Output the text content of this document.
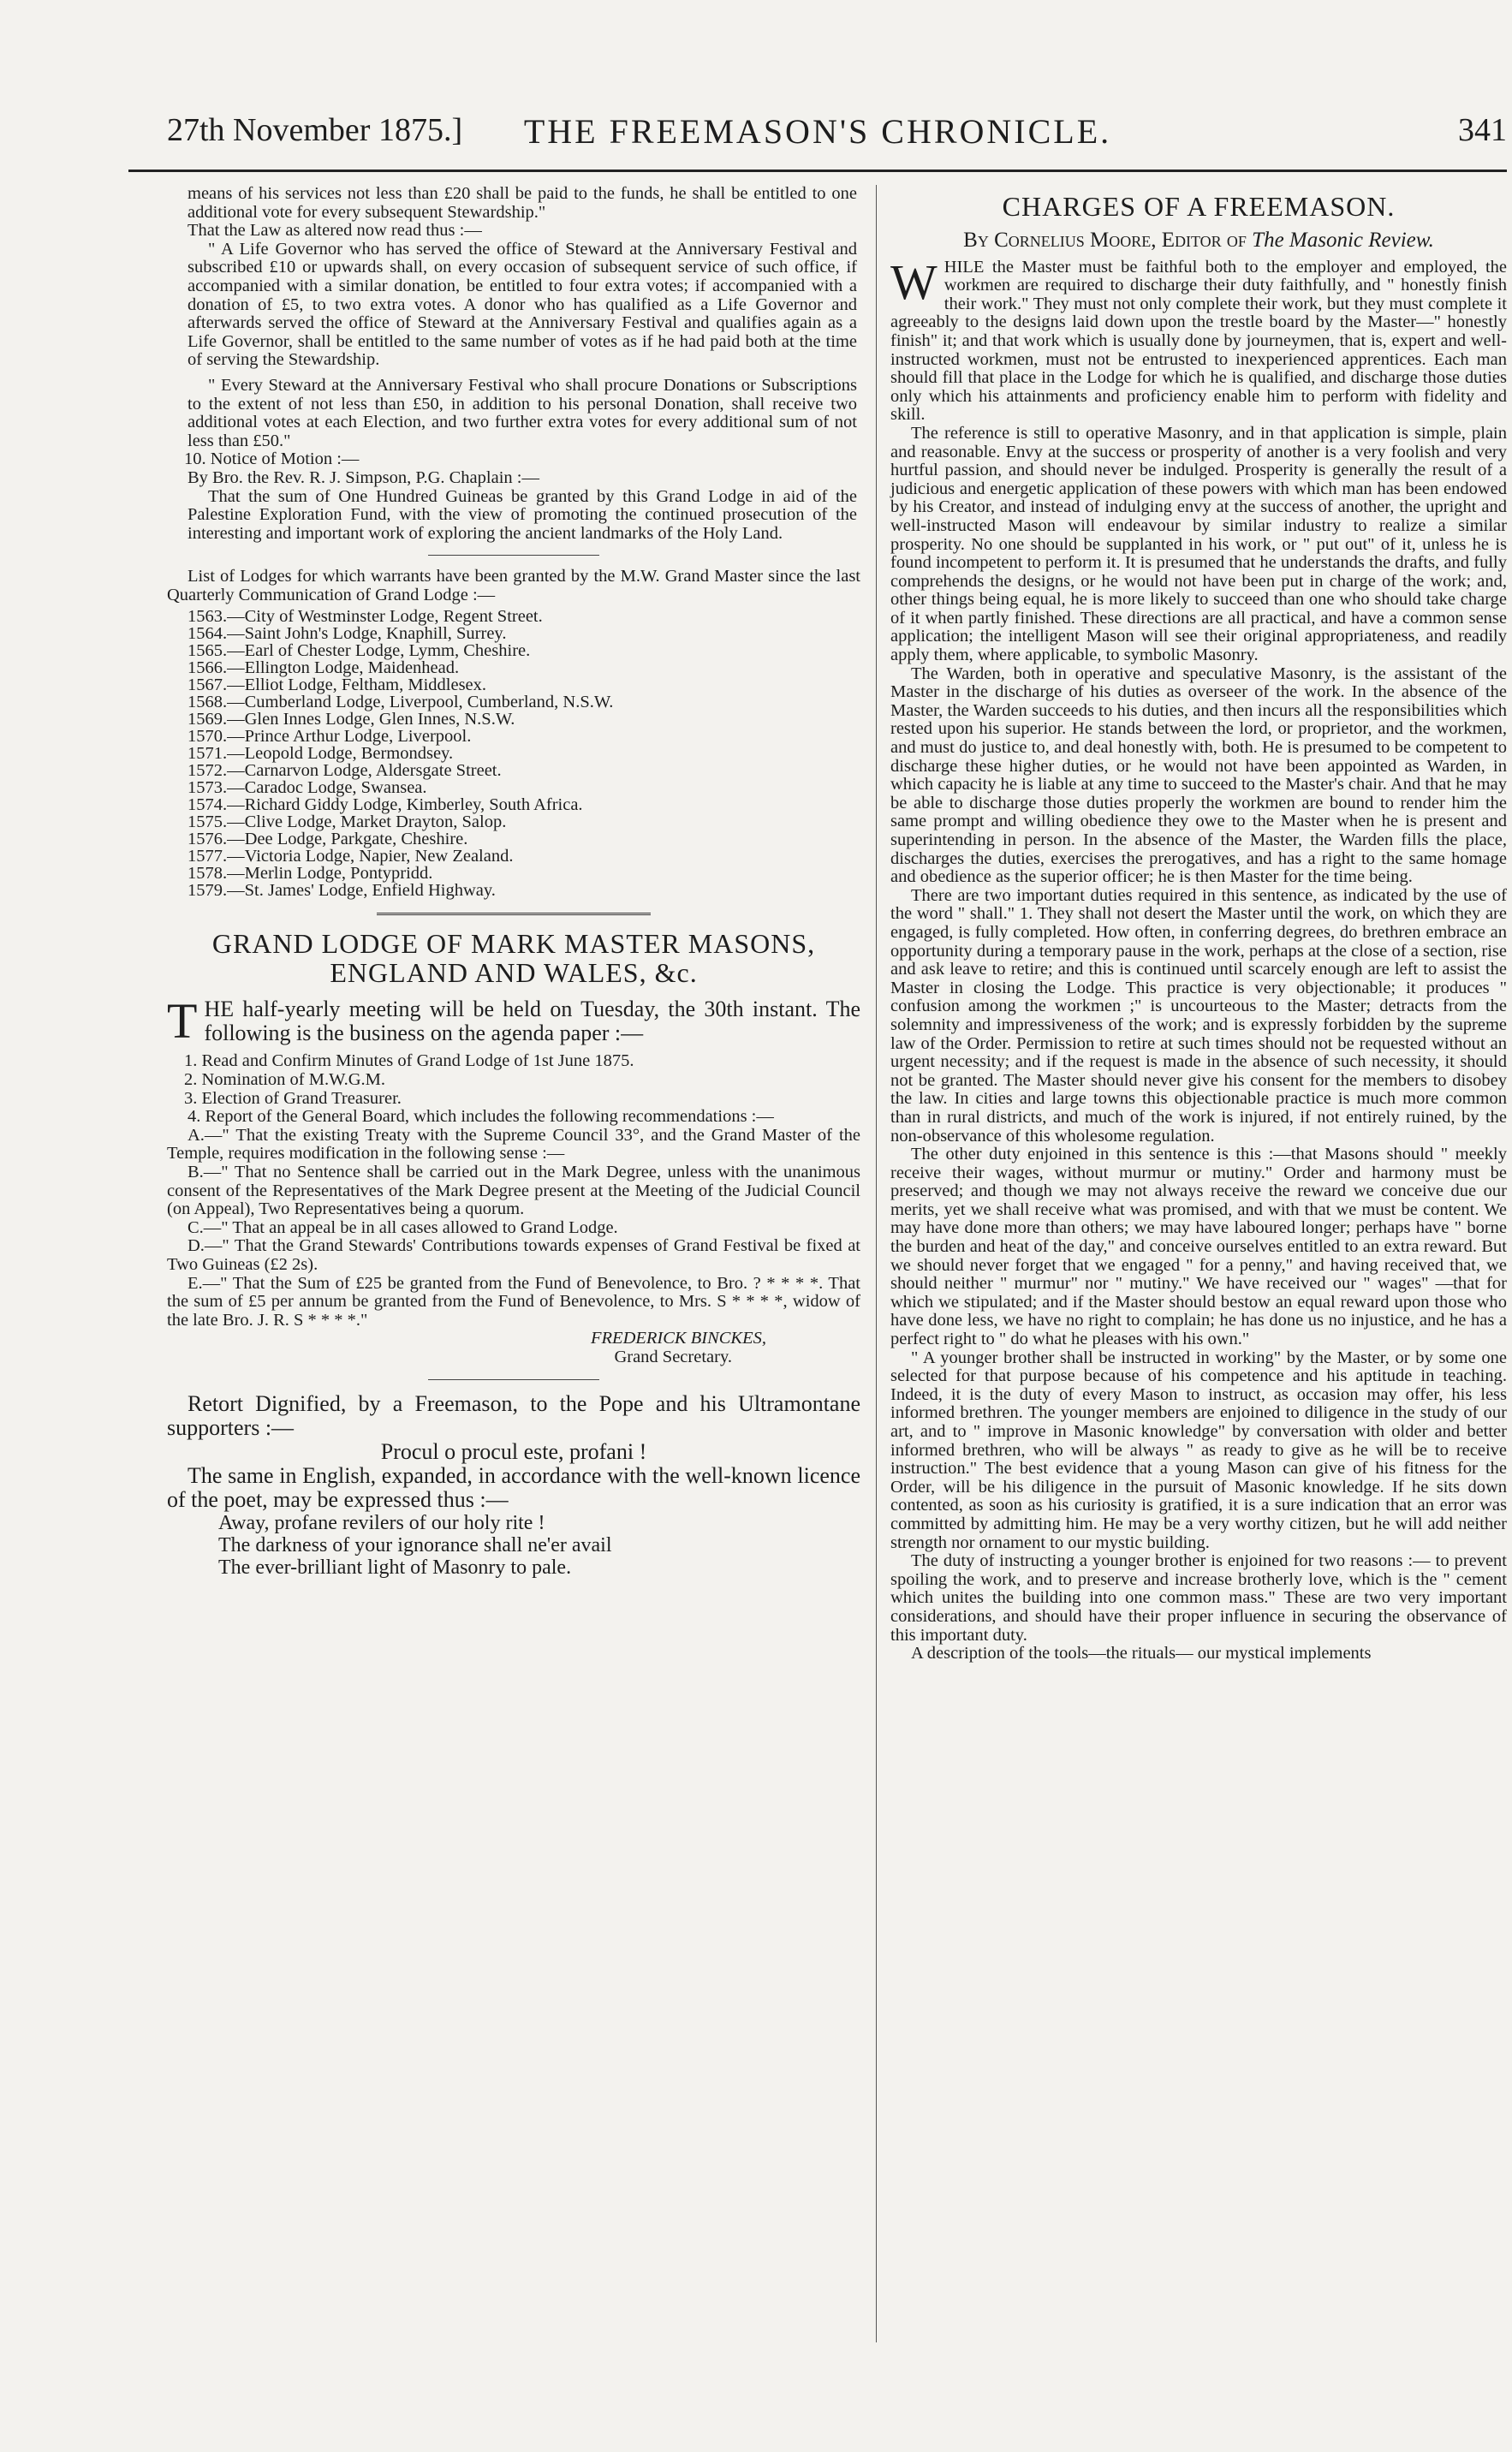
27th November 1875.]	THE FREEMASON'S CHRONICLE.	341

means of his services not less than £20 shall be paid to the funds, he shall be entitled to one additional vote for every subsequent Stewardship."

That the Law as altered now read thus :—

" A Life Governor who has served the office of Steward at the Anniversary Festival and subscribed £10 or upwards shall, on every occasion of subsequent service of such office, if accompanied with a similar donation, be entitled to four extra votes; if accompanied with a donation of £5, to two extra votes. A donor who has qualified as a Life Governor and afterwards served the office of Steward at the Anniversary Festival and qualifies again as a Life Governor, shall be entitled to the same number of votes as if he had paid both at the time of serving the Stewardship.

" Every Steward at the Anniversary Festival who shall procure Donations or Subscriptions to the extent of not less than £50, in addition to his personal Donation, shall receive two additional votes at each Election, and two further extra votes for every additional sum of not less than £50."

10. Notice of Motion :—

By Bro. the Rev. R. J. Simpson, P.G. Chaplain :—

That the sum of One Hundred Guineas be granted by this Grand Lodge in aid of the Palestine Exploration Fund, with the view of promoting the continued prosecution of the interesting and important work of exploring the ancient landmarks of the Holy Land.

List of Lodges for which warrants have been granted by the M.W. Grand Master since the last Quarterly Communication of Grand Lodge :—

1563.—City of Westminster Lodge, Regent Street.
1564.—Saint John's Lodge, Knaphill, Surrey.
1565.—Earl of Chester Lodge, Lymm, Cheshire.
1566.—Ellington Lodge, Maidenhead.
1567.—Elliot Lodge, Feltham, Middlesex.
1568.—Cumberland Lodge, Liverpool, Cumberland, N.S.W.
1569.—Glen Innes Lodge, Glen Innes, N.S.W.
1570.—Prince Arthur Lodge, Liverpool.
1571.—Leopold Lodge, Bermondsey.
1572.—Carnarvon Lodge, Aldersgate Street.
1573.—Caradoc Lodge, Swansea.
1574.—Richard Giddy Lodge, Kimberley, South Africa.
1575.—Clive Lodge, Market Drayton, Salop.
1576.—Dee Lodge, Parkgate, Cheshire.
1577.—Victoria Lodge, Napier, New Zealand.
1578.—Merlin Lodge, Pontypridd.
1579.—St. James' Lodge, Enfield Highway.
GRAND LODGE OF MARK MASTER MASONS, ENGLAND AND WALES, &c.

T HE half-yearly meeting will be held on Tuesday, the 30th instant. The following is the business on the agenda paper :—

1. Read and Confirm Minutes of Grand Lodge of 1st June 1875.

2. Nomination of M.W.G.M.

3. Election of Grand Treasurer.

4. Report of the General Board, which includes the following recommendations :—

A.—" That the existing Treaty with the Supreme Council 33°, and the Grand Master of the Temple, requires modification in the following sense :—

B.—" That no Sentence shall be carried out in the Mark Degree, unless with the unanimous consent of the Representatives of the Mark Degree present at the Meeting of the Judicial Council (on Appeal), Two Representatives being a quorum.

C.—" That an appeal be in all cases allowed to Grand Lodge.

D.—" That the Grand Stewards' Contributions towards expenses of Grand Festival be fixed at Two Guineas (£2 2s).

E.—" That the Sum of £25 be granted from the Fund of Benevolence, to Bro. ? * * * *. That the sum of £5 per annum be granted from the Fund of Benevolence, to Mrs. S * * * *, widow of the late Bro. J. R. S * * * *."

FREDERICK BINCKES,

Grand Secretary.

Retort Dignified, by a Freemason, to the Pope and his Ultramontane supporters :—

Procul o procul este, profani !

The same in English, expanded, in accordance with the well-known licence of the poet, may be expressed thus :—

Away, profane revilers of our holy rite !

The darkness of your ignorance shall ne'er avail

The ever-brilliant light of Masonry to pale.

CHARGES OF A FREEMASON.
By Cornelius Moore, Editor of The Masonic Review.

W HILE the Master must be faithful both to the employer and employed, the workmen are required to discharge their duty faithfully, and " honestly finish their work." They must not only complete their work, but they must complete it agreeably to the designs laid down upon the trestle board by the Master—" honestly finish" it; and that work which is usually done by journeymen, that is, expert and well-instructed workmen, must not be entrusted to inexperienced apprentices. Each man should fill that place in the Lodge for which he is qualified, and discharge those duties only which his attainments and proficiency enable him to perform with fidelity and skill.

The reference is still to operative Masonry, and in that application is simple, plain and reasonable. Envy at the success or prosperity of another is a very foolish and very hurtful passion, and should never be indulged. Prosperity is generally the result of a judicious and energetic application of these powers with which man has been endowed by his Creator, and instead of indulging envy at the success of another, the upright and well-instructed Mason will endeavour by similar industry to realize a similar prosperity. No one should be supplanted in his work, or " put out" of it, unless he is found incompetent to perform it. It is presumed that he understands the drafts, and fully comprehends the designs, or he would not have been put in charge of the work; and, other things being equal, he is more likely to succeed than one who should take charge of it when partly finished. These directions are all practical, and have a common sense application; the intelligent Mason will see their original appropriateness, and readily apply them, where applicable, to symbolic Masonry.

The Warden, both in operative and speculative Masonry, is the assistant of the Master in the discharge of his duties as overseer of the work. In the absence of the Master, the Warden succeeds to his duties, and then incurs all the responsibilities which rested upon his superior. He stands between the lord, or proprietor, and the workmen, and must do justice to, and deal honestly with, both. He is presumed to be competent to discharge these higher duties, or he would not have been appointed as Warden, in which capacity he is liable at any time to succeed to the Master's chair. And that he may be able to discharge those duties properly the workmen are bound to render him the same prompt and willing obedience they owe to the Master when he is present and superintending in person. In the absence of the Master, the Warden fills the place, discharges the duties, exercises the prerogatives, and has a right to the same homage and obedience as the superior officer; he is then Master for the time being.

There are two important duties required in this sentence, as indicated by the use of the word " shall." 1. They shall not desert the Master until the work, on which they are engaged, is fully completed. How often, in conferring degrees, do brethren embrace an opportunity during a temporary pause in the work, perhaps at the close of a section, rise and ask leave to retire; and this is continued until scarcely enough are left to assist the Master in closing the Lodge. This practice is very objectionable; it produces " confusion among the workmen ;" is uncourteous to the Master; detracts from the solemnity and impressiveness of the work; and is expressly forbidden by the supreme law of the Order. Permission to retire at such times should not be requested without an urgent necessity; and if the request is made in the absence of such necessity, it should not be granted. The Master should never give his consent for the members to disobey the law. In cities and large towns this objectionable practice is much more common than in rural districts, and much of the work is injured, if not entirely ruined, by the non-observance of this wholesome regulation.

The other duty enjoined in this sentence is this :—that Masons should " meekly receive their wages, without murmur or mutiny." Order and harmony must be preserved; and though we may not always receive the reward we conceive due our merits, yet we shall receive what was promised, and with that we must be content. We may have done more than others; we may have laboured longer; perhaps have " borne the burden and heat of the day," and conceive ourselves entitled to an extra reward. But we should never forget that we engaged " for a penny," and having received that, we should neither " murmur" nor " mutiny." We have received our " wages" —that for which we stipulated; and if the Master should bestow an equal reward upon those who have done less, we have no right to complain; he has done us no injustice, and he has a perfect right to " do what he pleases with his own."

" A younger brother shall be instructed in working" by the Master, or by some one selected for that purpose because of his competence and his aptitude in teaching. Indeed, it is the duty of every Mason to instruct, as occasion may offer, his less informed brethren. The younger members are enjoined to diligence in the study of our art, and to " improve in Masonic knowledge" by conversation with older and better informed brethren, who will be always " as ready to give as he will be to receive instruction." The best evidence that a young Mason can give of his fitness for the Order, will be his diligence in the pursuit of Masonic knowledge. If he sits down contented, as soon as his curiosity is gratified, it is a sure indication that an error was committed by admitting him. He may be a very worthy citizen, but he will add neither strength nor ornament to our mystic building.

The duty of instructing a younger brother is enjoined for two reasons :— to prevent spoiling the work, and to preserve and increase brotherly love, which is the " cement which unites the building into one common mass." These are two very important considerations, and should have their proper influence in securing the observance of this important duty.

A description of the tools—the rituals— our mystical implements
